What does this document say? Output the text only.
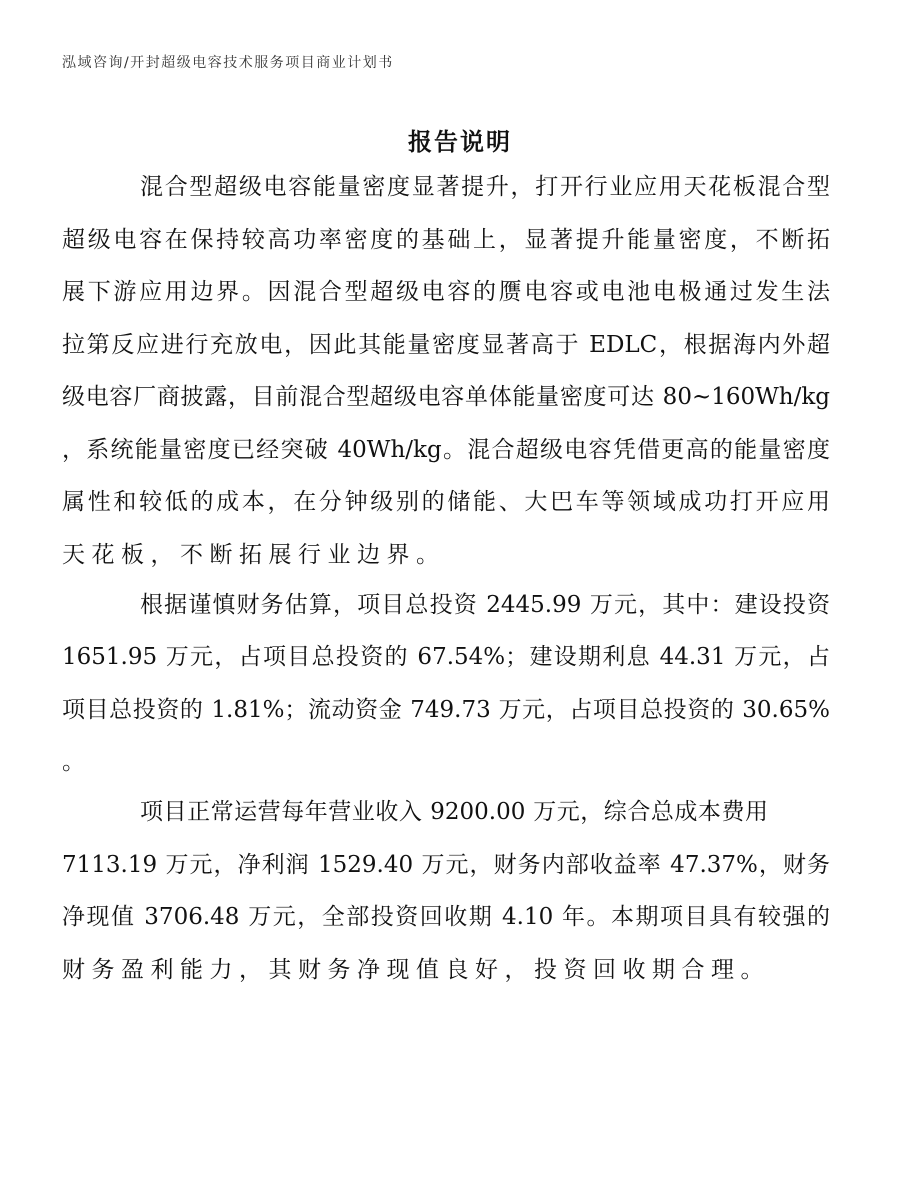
泓域咨询/开封超级电容技术服务项目商业计划书
报告说明
混合型超级电容能量密度显著提升，打开行业应用天花板混合型
超级电容在保持较高功率密度的基础上，显著提升能量密度，不断拓
展下游应用边界。因混合型超级电容的赝电容或电池电极通过发生法
拉第反应进行充放电，因此其能量密度显著高于 EDLC，根据海内外超
级电容厂商披露，目前混合型超级电容单体能量密度可达 80~160Wh/kg
，系统能量密度已经突破 40Wh/kg。混合超级电容凭借更高的能量密度
属性和较低的成本，在分钟级别的储能、大巴车等领域成功打开应用
天花板，不断拓展行业边界。
根据谨慎财务估算，项目总投资 2445.99 万元，其中：建设投资
1651.95 万元，占项目总投资的 67.54%；建设期利息 44.31 万元，占
项目总投资的 1.81%；流动资金 749.73 万元，占项目总投资的 30.65%
。
项目正常运营每年营业收入 9200.00 万元，综合总成本费用
7113.19 万元，净利润 1529.40 万元，财务内部收益率 47.37%，财务
净现值 3706.48 万元，全部投资回收期 4.10 年。本期项目具有较强的
财务盈利能力，其财务净现值良好，投资回收期合理。
